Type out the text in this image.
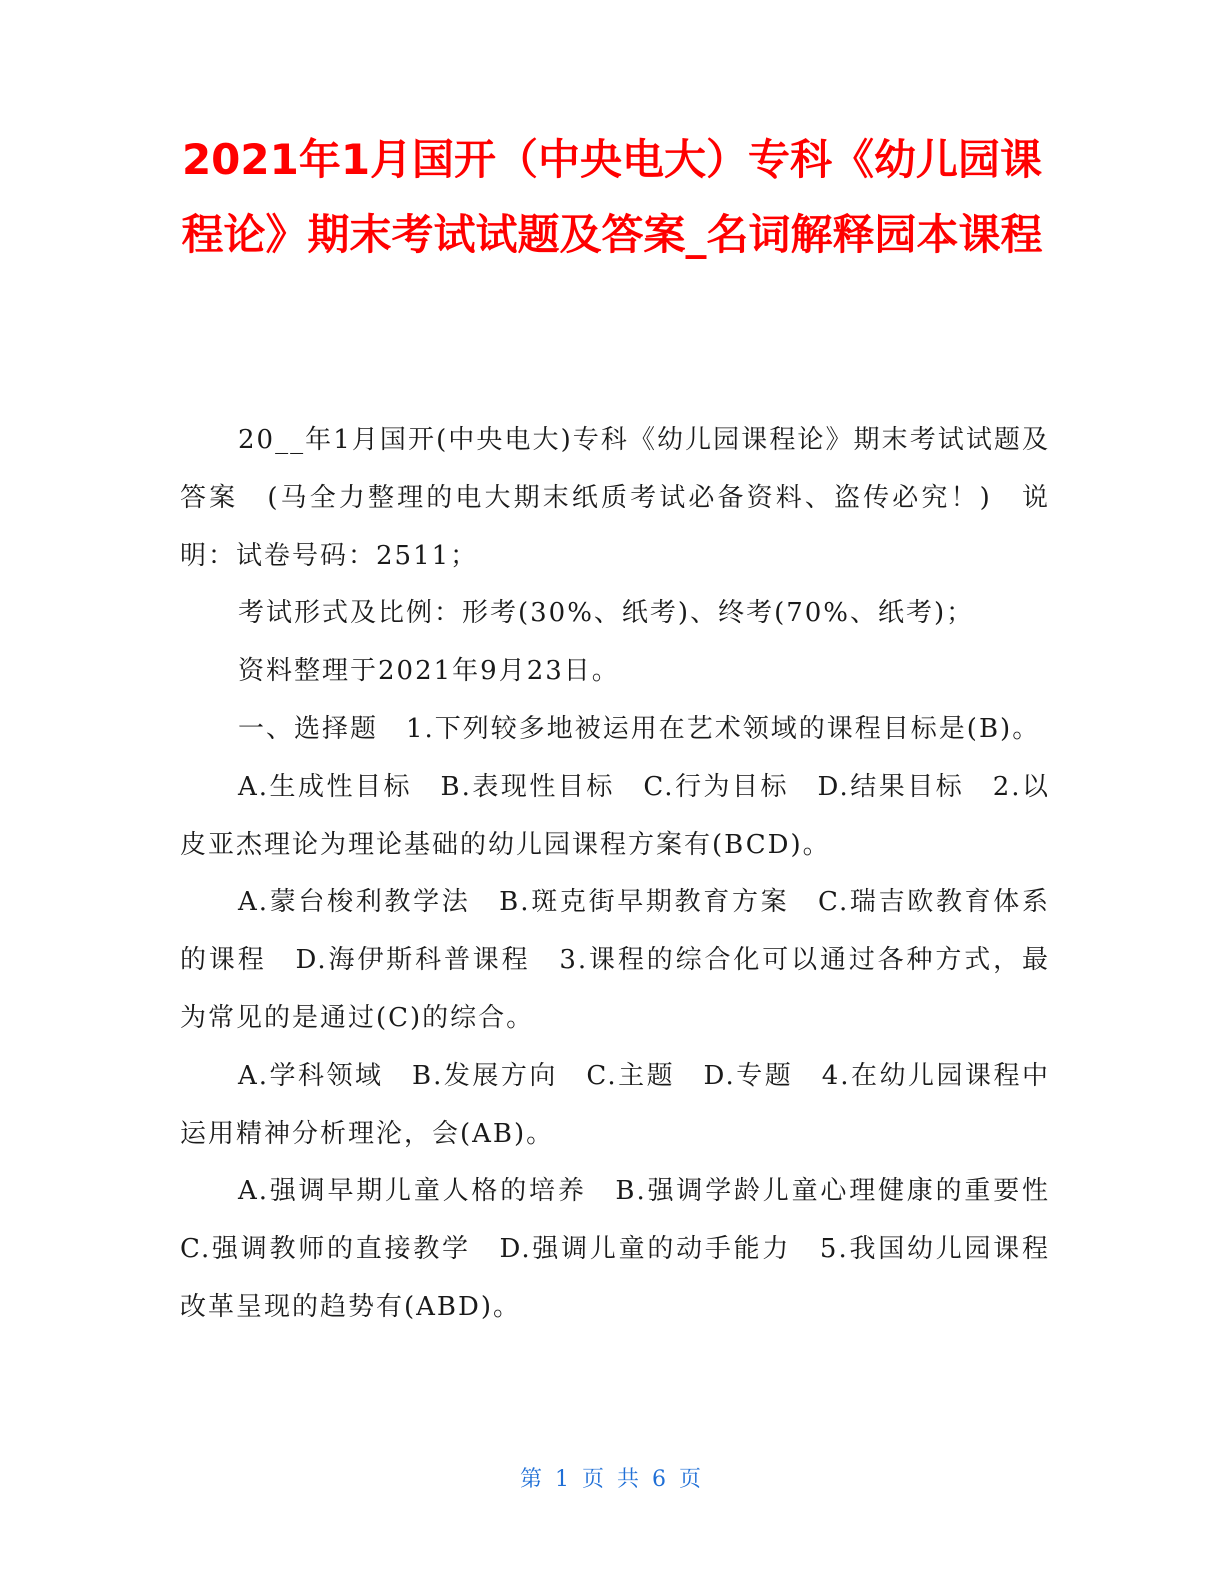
2021年1月国开（中央电大）专科《幼儿园课程论》期末考试试题及答案_名词解释园本课程

20__年1月国开(中央电大)专科《幼儿园课程论》期末考试试题及答案　(马全力整理的电大期末纸质考试必备资料、盗传必究！)　说明：试卷号码：2511；

考试形式及比例：形考(30%、纸考)、终考(70%、纸考)；

资料整理于2021年9月23日。

一、选择题　1.下列较多地被运用在艺术领域的课程目标是(B)。

A.生成性目标　B.表现性目标　C.行为目标　D.结果目标　2.以皮亚杰理论为理论基础的幼儿园课程方案有(BCD)。

A.蒙台梭利教学法　B.斑克街早期教育方案　C.瑞吉欧教育体系的课程　D.海伊斯科普课程　3.课程的综合化可以通过各种方式，最为常见的是通过(C)的综合。

A.学科领域　B.发展方向　C.主题　D.专题　4.在幼儿园课程中运用精神分析理沦，会(AB)。

A.强调早期儿童人格的培养　B.强调学龄儿童心理健康的重要性　C.强调教师的直接教学　D.强调儿童的动手能力　5.我国幼儿园课程改革呈现的趋势有(ABD)。

第 1 页 共 6 页
